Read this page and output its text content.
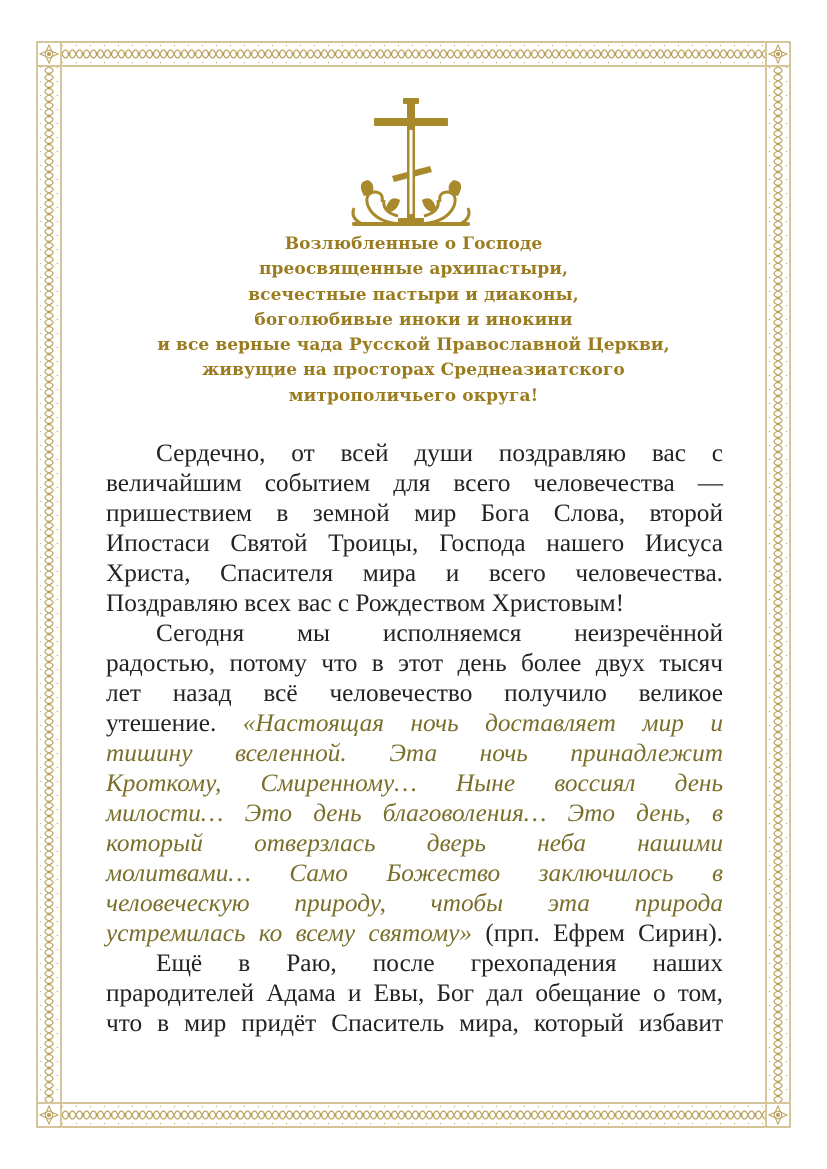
Возлюбленные о Господе
преосвященные архипастыри,
всечестные пастыри и диаконы,
боголюбивые иноки и инокини
и все верные чада Русской Православной Церкви,
живущие на просторах Среднеазиатского
митрополичьего округа!
Сердечно, от всей души поздравляю вас с
величайшим событием для всего человечества —
пришествием в земной мир Бога Слова, второй
Ипостаси Святой Троицы, Господа нашего Иисуса
Христа, Спасителя мира и всего человечества.
Поздравляю всех вас с Рождеством Христовым!
Сегодня мы исполняемся неизречённой
радостью, потому что в этот день более двух тысяч
лет назад всё человечество получило великое
утешение. «Настоящая ночь доставляет мир и
тишину вселенной. Эта ночь принадлежит
Кроткому, Смиренному… Ныне воссиял день
милости… Это день благоволения… Это день, в
который отверзлась дверь неба нашими
молитвами… Само Божество заключилось в
человеческую природу, чтобы эта природа
устремилась ко всему святому» (прп. Ефрем Сирин).
Ещё в Раю, после грехопадения наших
прародителей Адама и Евы, Бог дал обещание о том,
что в мир придёт Спаситель мира, который избавит
